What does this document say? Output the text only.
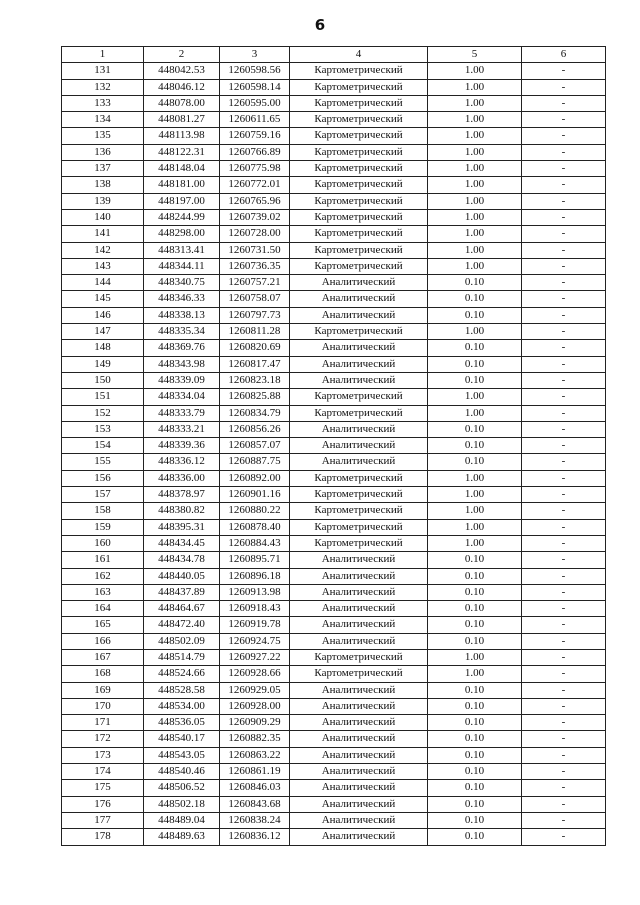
6
1	2	3	4	5	6
131	448042.53	1260598.56	Картометрический	1.00	-
132	448046.12	1260598.14	Картометрический	1.00	-
133	448078.00	1260595.00	Картометрический	1.00	-
134	448081.27	1260611.65	Картометрический	1.00	-
135	448113.98	1260759.16	Картометрический	1.00	-
136	448122.31	1260766.89	Картометрический	1.00	-
137	448148.04	1260775.98	Картометрический	1.00	-
138	448181.00	1260772.01	Картометрический	1.00	-
139	448197.00	1260765.96	Картометрический	1.00	-
140	448244.99	1260739.02	Картометрический	1.00	-
141	448298.00	1260728.00	Картометрический	1.00	-
142	448313.41	1260731.50	Картометрический	1.00	-
143	448344.11	1260736.35	Картометрический	1.00	-
144	448340.75	1260757.21	Аналитический	0.10	-
145	448346.33	1260758.07	Аналитический	0.10	-
146	448338.13	1260797.73	Аналитический	0.10	-
147	448335.34	1260811.28	Картометрический	1.00	-
148	448369.76	1260820.69	Аналитический	0.10	-
149	448343.98	1260817.47	Аналитический	0.10	-
150	448339.09	1260823.18	Аналитический	0.10	-
151	448334.04	1260825.88	Картометрический	1.00	-
152	448333.79	1260834.79	Картометрический	1.00	-
153	448333.21	1260856.26	Аналитический	0.10	-
154	448339.36	1260857.07	Аналитический	0.10	-
155	448336.12	1260887.75	Аналитический	0.10	-
156	448336.00	1260892.00	Картометрический	1.00	-
157	448378.97	1260901.16	Картометрический	1.00	-
158	448380.82	1260880.22	Картометрический	1.00	-
159	448395.31	1260878.40	Картометрический	1.00	-
160	448434.45	1260884.43	Картометрический	1.00	-
161	448434.78	1260895.71	Аналитический	0.10	-
162	448440.05	1260896.18	Аналитический	0.10	-
163	448437.89	1260913.98	Аналитический	0.10	-
164	448464.67	1260918.43	Аналитический	0.10	-
165	448472.40	1260919.78	Аналитический	0.10	-
166	448502.09	1260924.75	Аналитический	0.10	-
167	448514.79	1260927.22	Картометрический	1.00	-
168	448524.66	1260928.66	Картометрический	1.00	-
169	448528.58	1260929.05	Аналитический	0.10	-
170	448534.00	1260928.00	Аналитический	0.10	-
171	448536.05	1260909.29	Аналитический	0.10	-
172	448540.17	1260882.35	Аналитический	0.10	-
173	448543.05	1260863.22	Аналитический	0.10	-
174	448540.46	1260861.19	Аналитический	0.10	-
175	448506.52	1260846.03	Аналитический	0.10	-
176	448502.18	1260843.68	Аналитический	0.10	-
177	448489.04	1260838.24	Аналитический	0.10	-
178	448489.63	1260836.12	Аналитический	0.10	-
